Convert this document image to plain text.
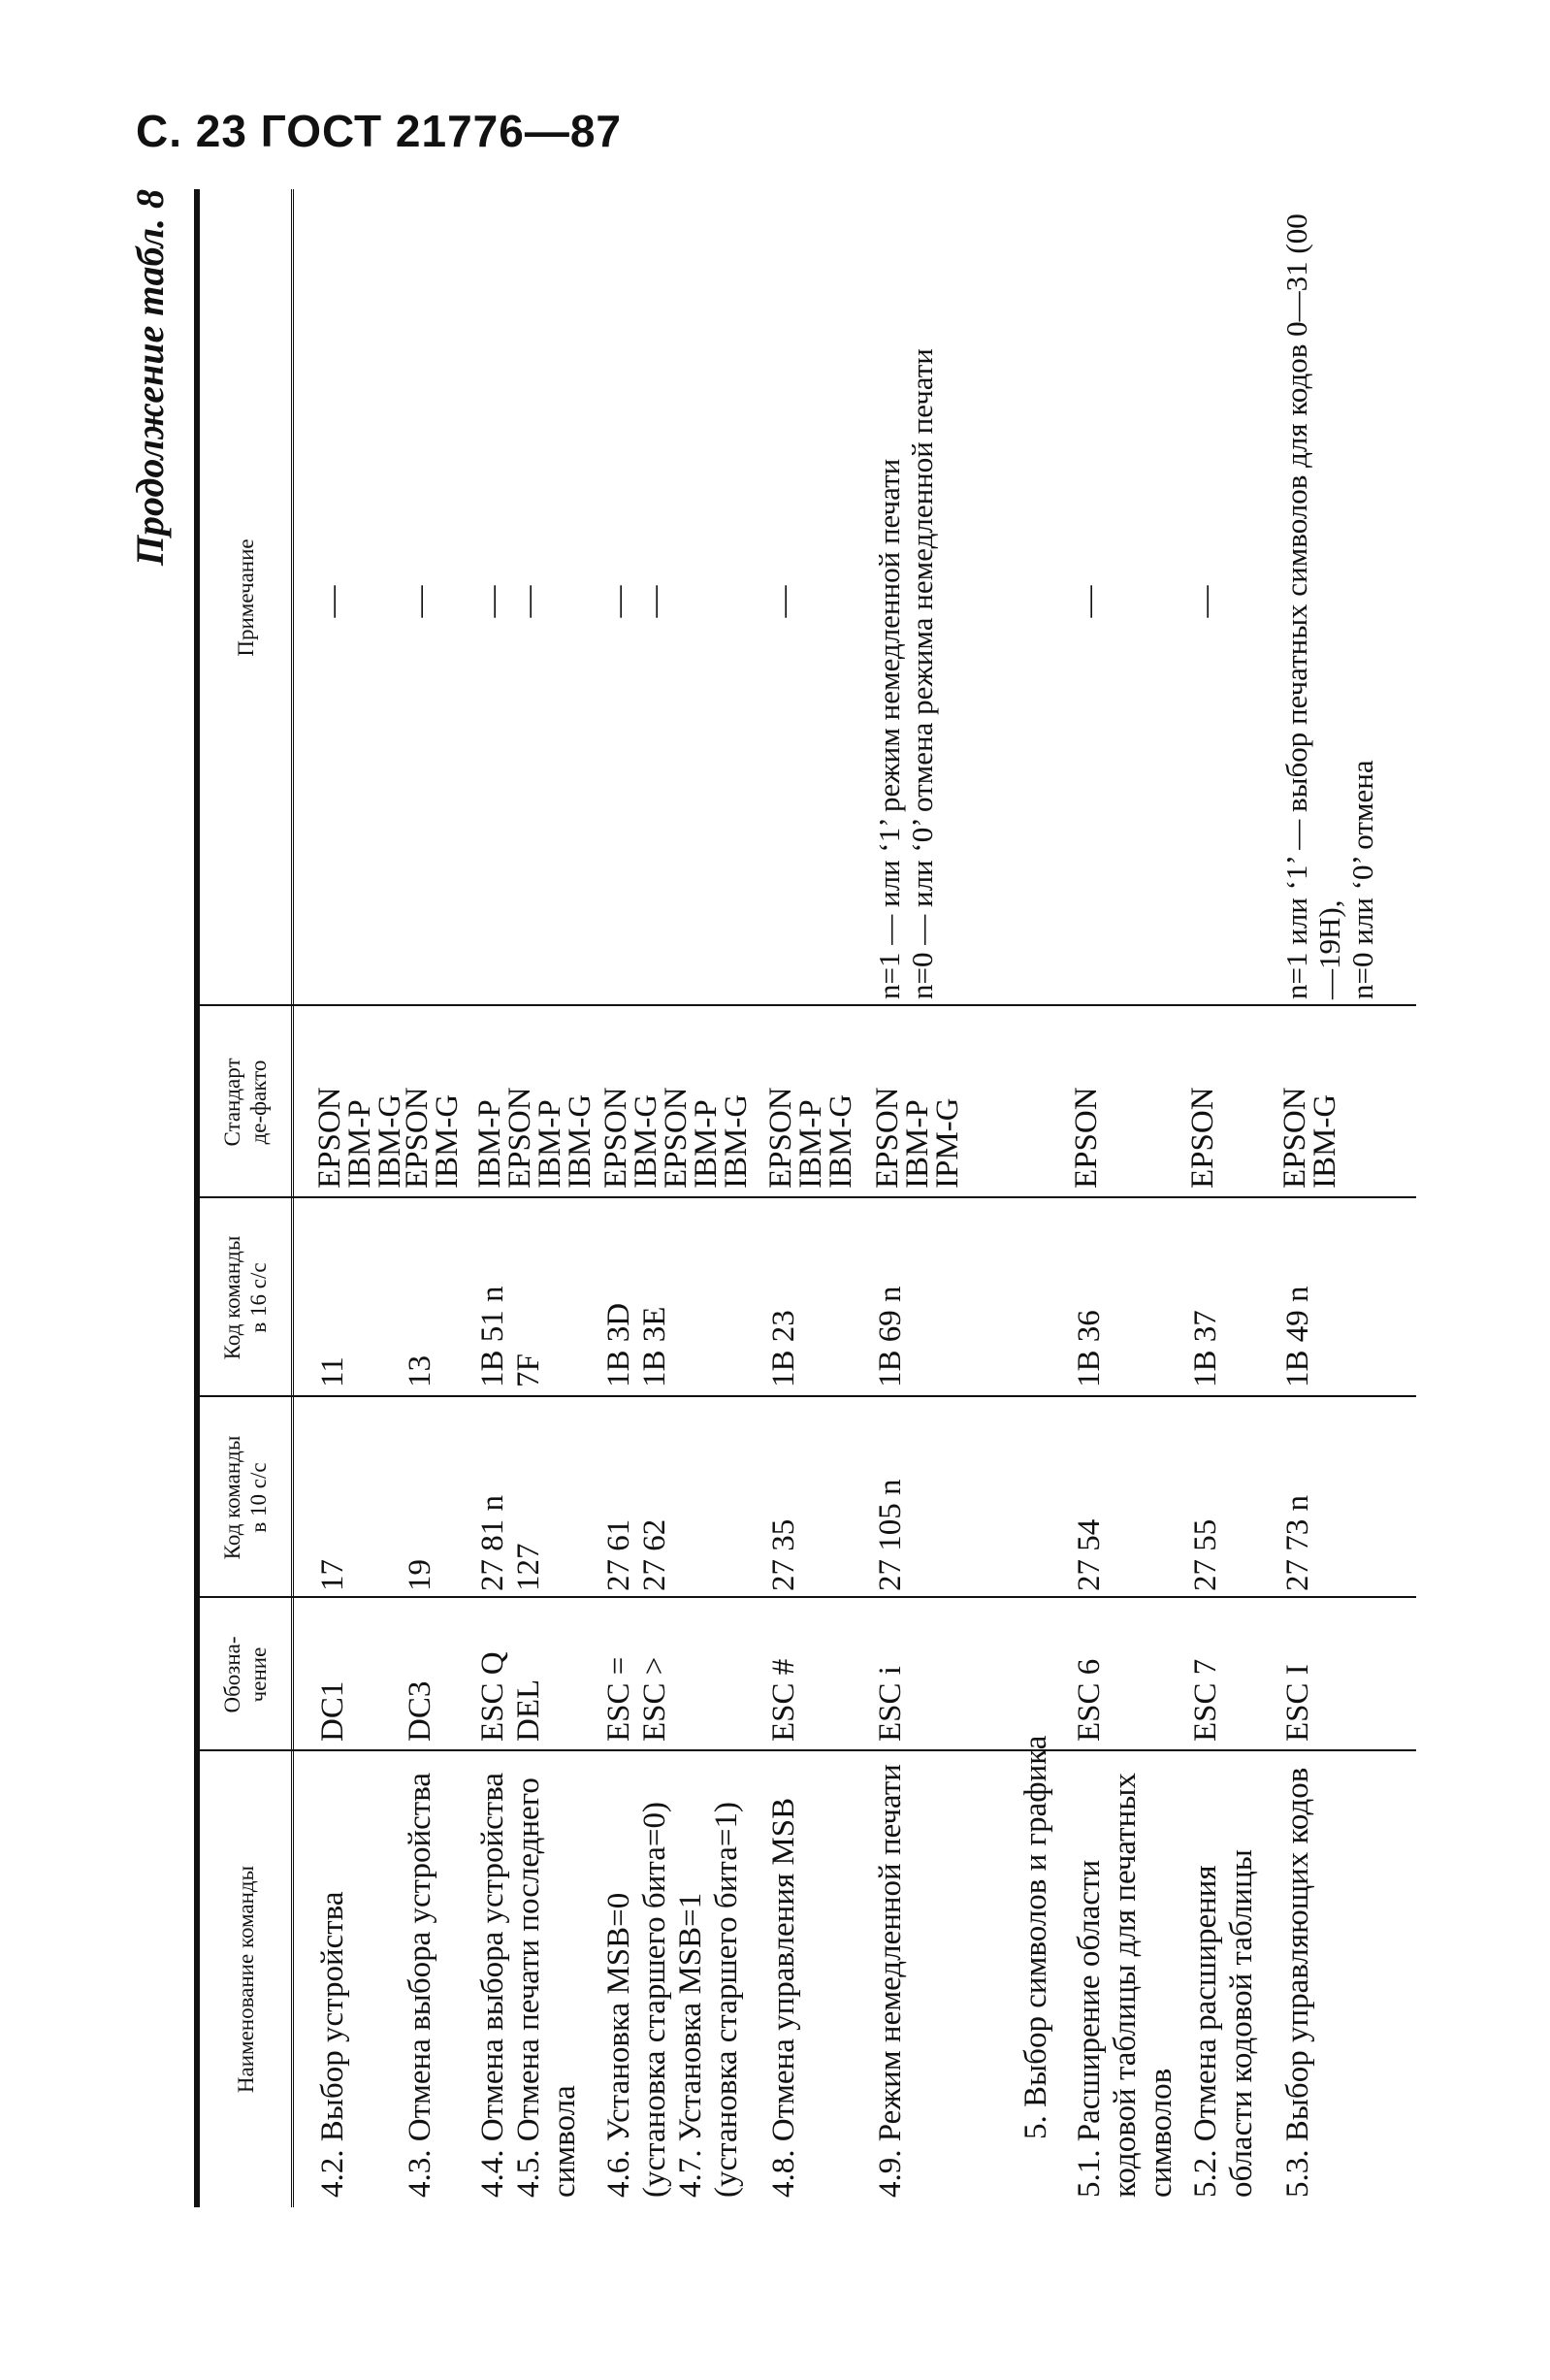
С. 23 ГОСТ 21776—87
Продолжение табл. 8
Наименование команды
Обозна-
чение
Код команды
в 10 с/с
Код команды
в 16 с/с
Стандарт
де-факто
Примечание
4.2. Выбор устройства
DC1
17
11
EPSON
IBM-P
IBM-G
—
4.3. Отмена выбора устройства
DC3
19
13
EPSON
IBM-G
—
4.4. Отмена выбора устройства
4.5. Отмена печати последнего символа
ESC Q
DEL
27 81 n
127
1B 51 n
7F
IBM-P
EPSON
IBM-P
IBM-G
—
—
4.6. Установка MSB=0 (установка старшего бита=0)
4.7. Установка MSB=1 (установка старшего бита=1)
ESC =
ESC >
27 61
27 62
1B 3D
1B 3E
EPSON
IBM-G
EPSON
IBM-P
IBM-G
—
—
4.8. Отмена управления MSB
ESC #
27 35
1B 23
EPSON
IBM-P
IBM-G
—
4.9. Режим немедленной печати
ESC i
27 105 n
1B 69 n
EPSON
IBM-P
IPM-G
n=1 — или ‘1’ режим немедленной печати
n=0 — или ‘0’ отмена режима немедленной печати
5. Выбор символов и графика 5.1. Расширение области кодовой таблицы для печатных символов
ESC 6
27 54
1B 36
EPSON
—
5.2. Отмена расширения области кодовой таблицы
ESC 7
27 55
1B 37
EPSON
—
5.3. Выбор управляющих кодов
ESC I
27 73 n
1B 49 n
EPSON
IBM-G
n=1 или ‘1’ — выбор печатных символов для кодов 0—31 (00—19H),
n=0 или ‘0’ отмена
